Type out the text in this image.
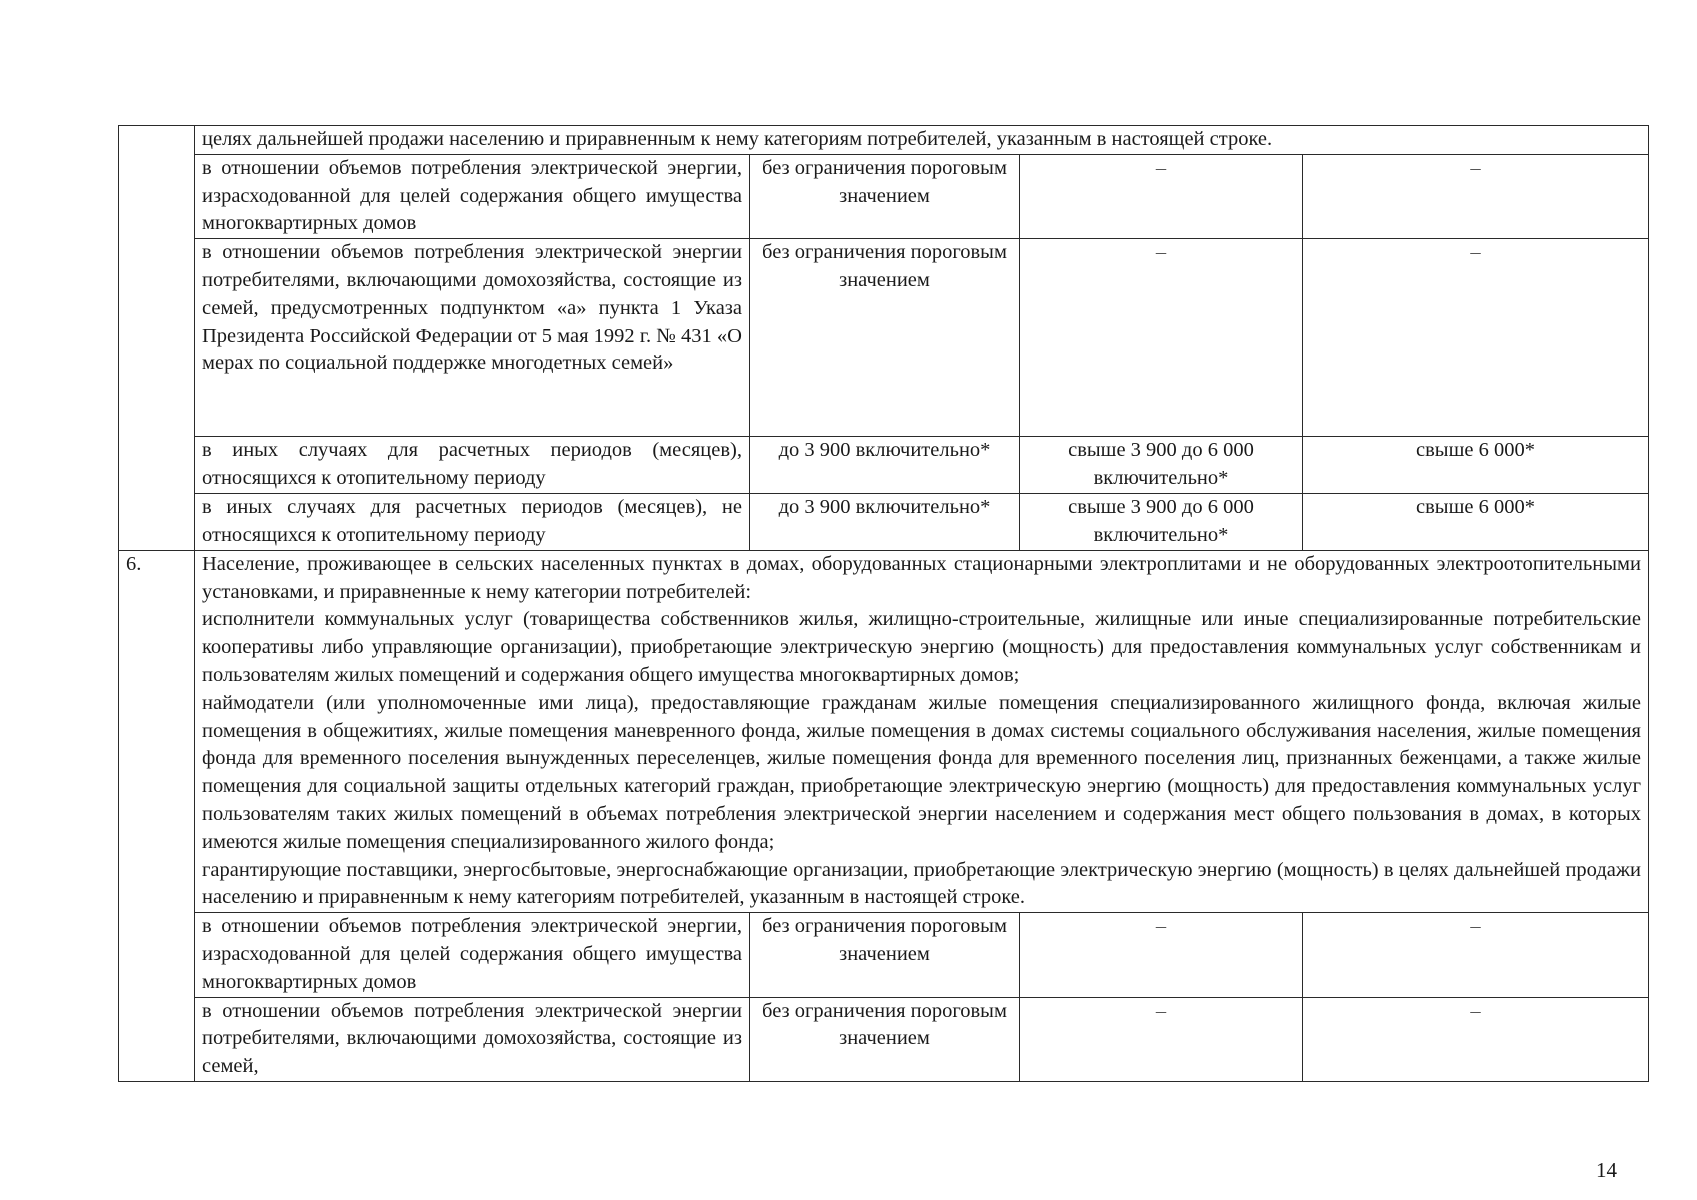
	целях дальнейшей продажи населению и приравненным к нему категориям потребителей, указанным в настоящей строке.			
	в отношении объемов потребления электрической энергии, израсходованной для целей содержания общего имущества многоквартирных домов	без ограничения пороговым значением	–	–
	в отношении объемов потребления электрической энергии потребителями, включающими домохозяйства, состоящие из семей, предусмотренных подпунктом «а» пункта 1 Указа Президента Российской Федерации от 5 мая 1992 г. № 431 «О мерах по социальной поддержке многодетных семей»	без ограничения пороговым значением	–	–
	в иных случаях для расчетных периодов (месяцев), относящихся к отопительному периоду	до 3 900 включительно*	свыше 3 900 до 6 000 включительно*	свыше 6 000*
	в иных случаях для расчетных периодов (месяцев), не относящихся к отопительному периоду	до 3 900 включительно*	свыше 3 900 до 6 000 включительно*	свыше 6 000*
6.	Население, проживающее в сельских населенных пунктах в домах, оборудованных стационарными электроплитами и не оборудованных электроотопительными установками, и приравненные к нему категории потребителей:

исполнители коммунальных услуг (товарищества собственников жилья, жилищно-строительные, жилищные или иные специализированные потребительские кооперативы либо управляющие организации), приобретающие электрическую энергию (мощность) для предоставления коммунальных услуг собственникам и пользователям жилых помещений и содержания общего имущества многоквартирных домов;

наймодатели (или уполномоченные ими лица), предоставляющие гражданам жилые помещения специализированного жилищного фонда, включая жилые помещения в общежитиях, жилые помещения маневренного фонда, жилые помещения в домах системы социального обслуживания населения, жилые помещения фонда для временного поселения вынужденных переселенцев, жилые помещения фонда для временного поселения лиц, признанных беженцами, а также жилые помещения для социальной защиты отдельных категорий граждан, приобретающие электрическую энергию (мощность) для предоставления коммунальных услуг пользователям таких жилых помещений в объемах потребления электрической энергии населением и содержания мест общего пользования в домах, в которых имеются жилые помещения специализированного жилого фонда;

гарантирующие поставщики, энергосбытовые, энергоснабжающие организации, приобретающие электрическую энергию (мощность) в целях дальнейшей продажи населению и приравненным к нему категориям потребителей, указанным в настоящей строке.			

	в отношении объемов потребления электрической энергии, израсходованной для целей содержания общего имущества многоквартирных домов	без ограничения пороговым значением	–	–
	в отношении объемов потребления электрической энергии потребителями, включающими домохозяйства, состоящие из семей,	без ограничения пороговым значением	–	–
14
